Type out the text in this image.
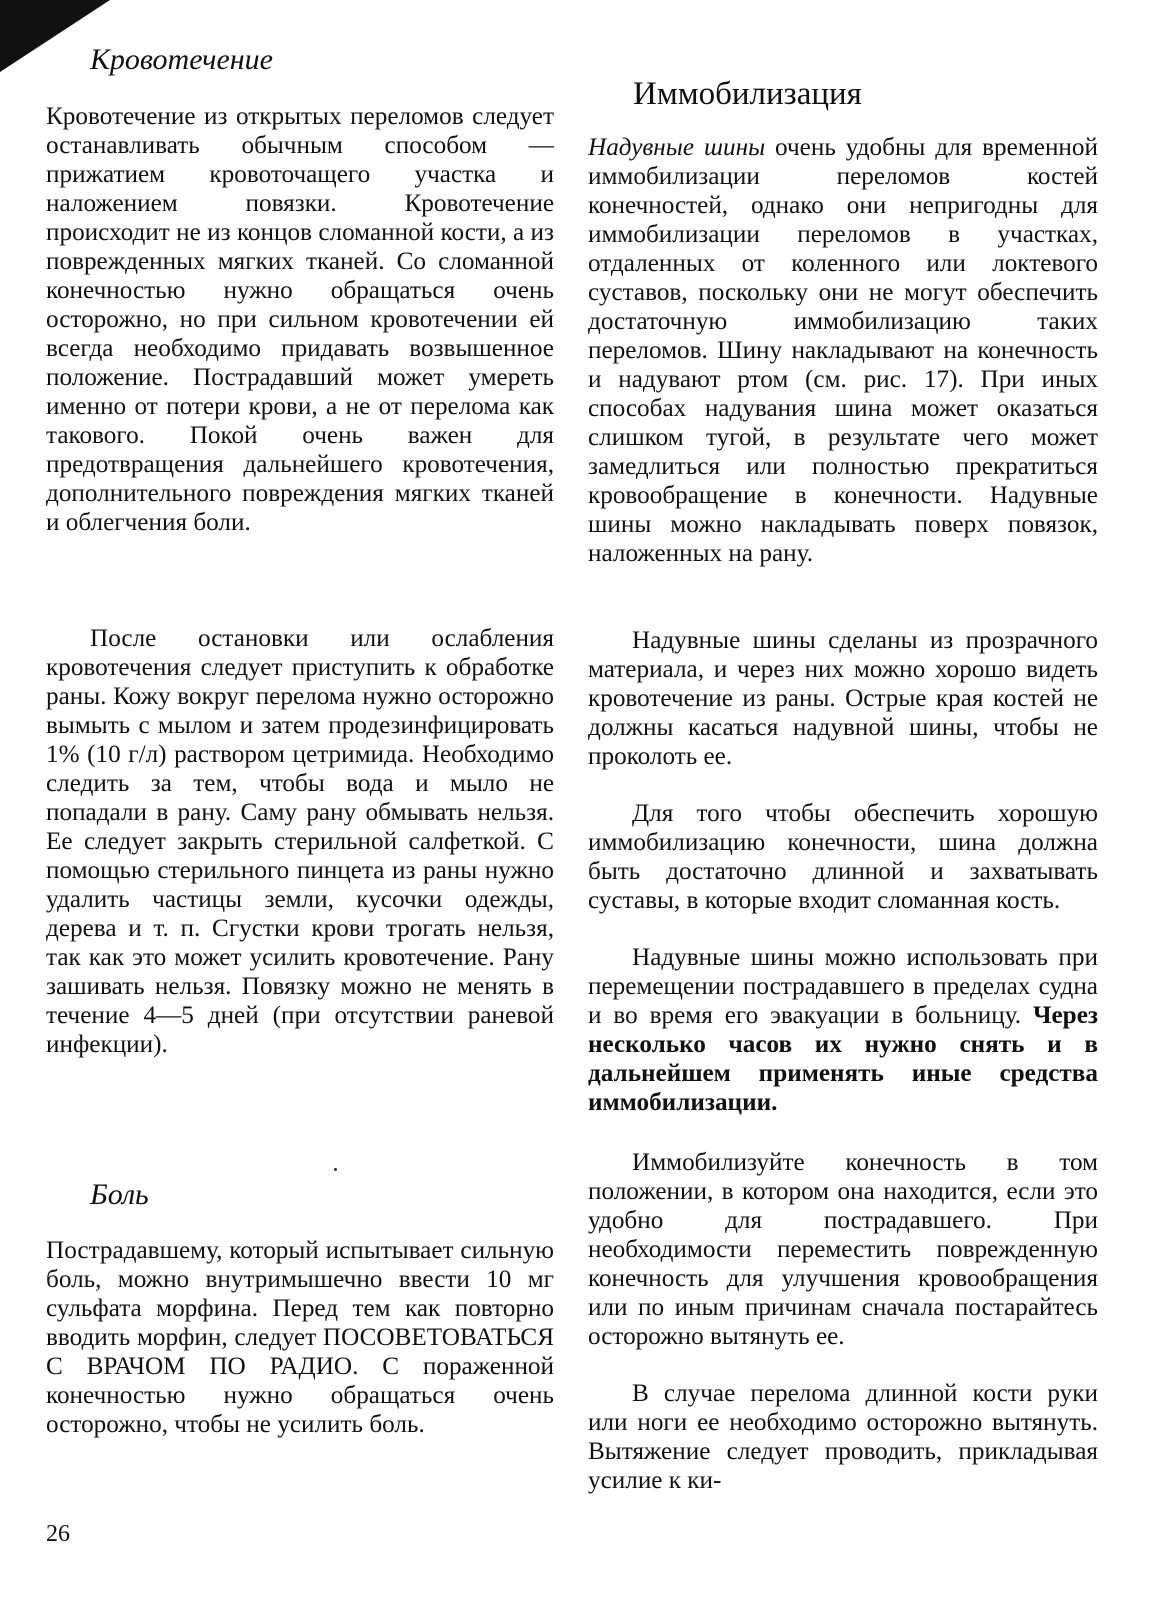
Кровотечение

Кровотечение из открытых переломов следует останавливать обычным способом — прижатием кровоточащего участка и наложением повязки. Кровотечение происходит не из концов сломанной кости, а из поврежденных мягких тканей. Со сломанной конечностью нужно обращаться очень осторожно, но при сильном кровотечении ей всегда необходимо придавать возвышенное положение. Пострадавший может умереть именно от потери крови, а не от перелома как такового. Покой очень важен для предотвращения дальнейшего кровотечения, дополнительного повреждения мягких тканей и облегчения боли.

После остановки или ослабления кровотечения следует приступить к обработке раны. Кожу вокруг перелома нужно осторожно вымыть с мылом и затем продезинфицировать 1% (10 г/л) раствором цетримида. Необходимо следить за тем, чтобы вода и мыло не попадали в рану. Саму рану обмывать нельзя. Ее следует закрыть стерильной салфеткой. С помощью стерильного пинцета из раны нужно удалить частицы земли, кусочки одежды, дерева и т. п. Сгустки крови трогать нельзя, так как это может усилить кровотечение. Рану зашивать нельзя. Повязку можно не менять в течение 4—5 дней (при отсутствии раневой инфекции).

Боль

Пострадавшему, который испытывает сильную боль, можно внутримышечно ввести 10 мг сульфата морфина. Перед тем как повторно вводить морфин, следует ПОСОВЕТОВАТЬСЯ С ВРАЧОМ ПО РАДИО. С пораженной конечностью нужно обращаться очень осторожно, чтобы не усилить боль.

Иммобилизация

Надувные шины очень удобны для временной иммобилизации переломов костей конечностей, однако они непригодны для иммобилизации переломов в участках, отдаленных от коленного или локтевого суставов, поскольку они не могут обеспечить достаточную иммобилизацию таких переломов. Шину накладывают на конечность и надувают ртом (см. рис. 17). При иных способах надувания шина может оказаться слишком тугой, в результате чего может замедлиться или полностью прекратиться кровообращение в конечности. Надувные шины можно накладывать поверх повязок, наложенных на рану.

Надувные шины сделаны из прозрачного материала, и через них можно хорошо видеть кровотечение из раны. Острые края костей не должны касаться надувной шины, чтобы не проколоть ее.

Для того чтобы обеспечить хорошую иммобилизацию конечности, шина должна быть достаточно длинной и захватывать суставы, в которые входит сломанная кость.

Надувные шины можно использовать при перемещении пострадавшего в пределах судна и во время его эвакуации в больницу. Через несколько часов их нужно снять и в дальнейшем применять иные средства иммобилизации.

Иммобилизуйте конечность в том положении, в котором она находится, если это удобно для пострадавшего. При необходимости переместить поврежденную конечность для улучшения кровообращения или по иным причинам сначала постарайтесь осторожно вытянуть ее.

В случае перелома длинной кости руки или ноги ее необходимо осторожно вытянуть. Вытяжение следует проводить, прикладывая усилие к ки-

26
